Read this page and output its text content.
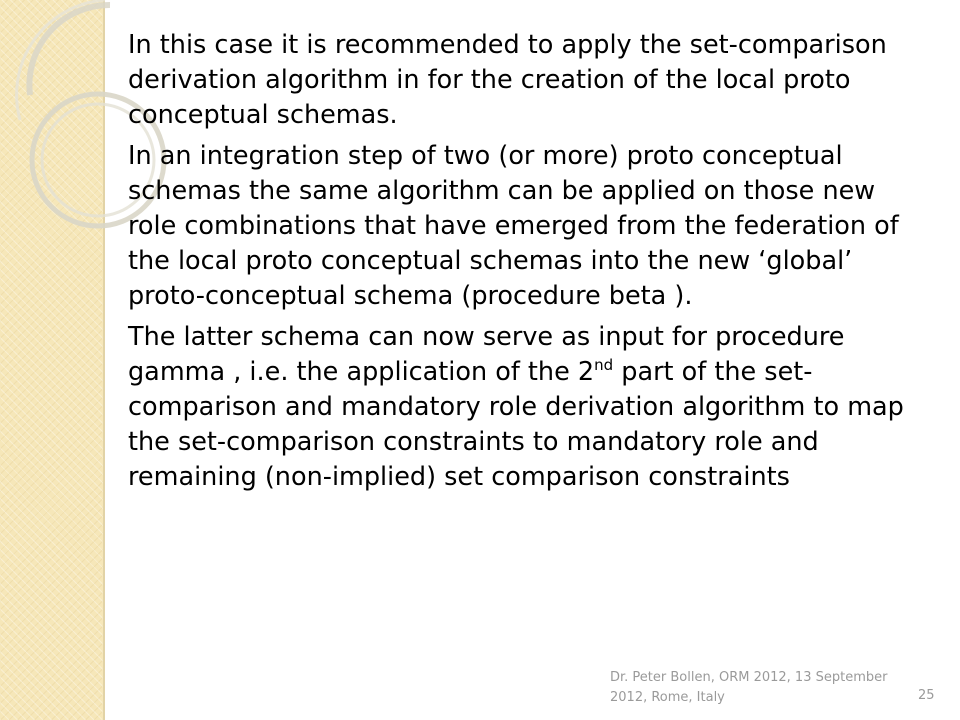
In this case it is recommended to apply the set-comparison derivation algorithm in for the creation of the local proto conceptual schemas.

In an integration step of two (or more) proto conceptual schemas the same algorithm can be applied on those new role combinations that have emerged from the federation of the local proto conceptual schemas into the new ‘global’ proto-conceptual schema (procedure beta ).

The latter schema can now serve as input for procedure gamma , i.e. the application of the 2nd part of the set-comparison and mandatory role derivation algorithm to map the set-comparison constraints to mandatory role and remaining (non-implied) set comparison constraints

Dr. Peter Bollen, ORM 2012, 13 September 2012, Rome, Italy	25
